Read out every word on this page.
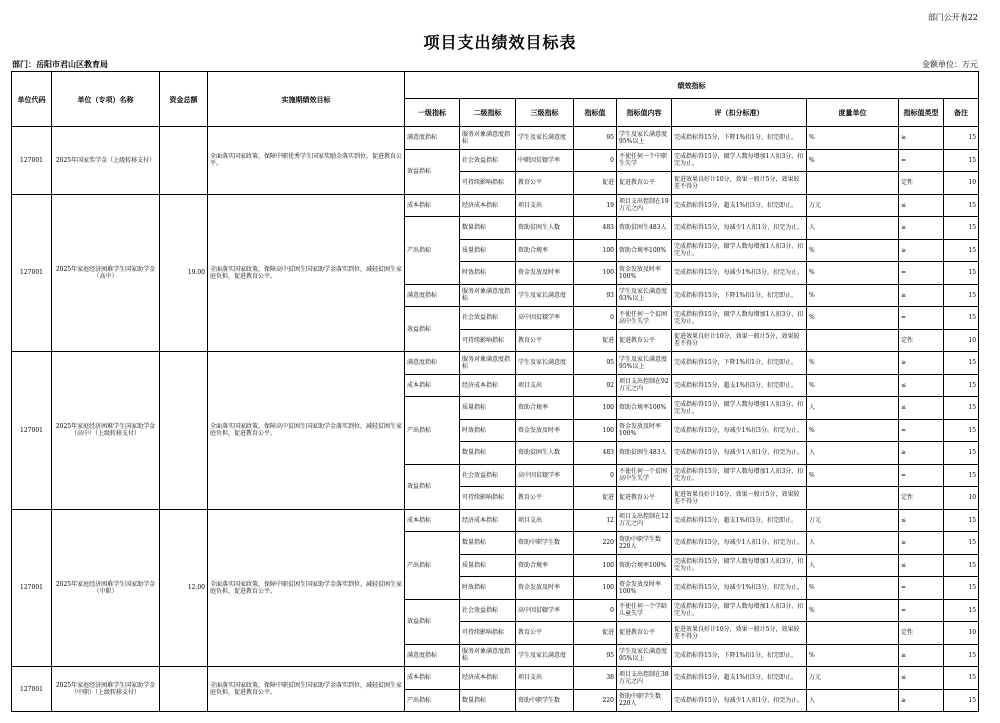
部门公开表22
项目支出绩效目标表
部门：岳阳市君山区教育局	金额单位：万元
单位代码	单位（专项）名称	资金总额	实施期绩效目标	绩效指标								
				一级指标	二级指标	三级指标	指标值	指标值内容	评（扣分标准）	度量单位	指标值类型	备注
127001	2025年国家奖学金（上级转移支付）		全面落实国家政策，保障中职优秀学生国家奖励金落实到位，促进教育公平。	满意度指标	服务对象满意度指标	学生及家长满意度	95	学生及家长满意度95%以上	完成指标得15分，下降1%扣1分，扣完即止。	%	≥	15
				效益指标	社会效益指标	中职因贫辍学率	0	不使任何一个中职生失学	完成指标得15分，辍学人数每增加1人扣3分，扣完为止。	%	=	15
					可持续影响指标	教育公平	促进	促进教育公平	促进效果良好计10分，效果一般计5分，效果较差不得分		定性	10
127001	2025年家庭经济困难学生国家助学金（高中）	19.00	全面落实国家政策，保障高中贫困生国家助学金落实到位，减轻贫困生家庭负担，促进教育公平。	成本指标	经济成本指标	项目支出	19	项目支出控制在19万元之内	完成指标得15分，超支1%扣3分，扣完即止。	万元	≤	15
				产出指标	数量指标	资助贫困生人数	483	资助贫困生483人	完成指标得15分，每减少1人扣1分，扣完为止。	人	≥	15
					质量指标	资助合规率	100	资助合规率100%	完成指标得15分，辍学人数每增加1人扣3分，扣完为止。	%	≥	15
					时效指标	资金发放及时率	100	资金发放及时率100%	完成指标得15分，每减少1%扣3分，扣完为止。	%	=	15
				满意度指标	服务对象满意度指标	学生及家长满意度	93	学生及家长满意度93%以上	完成指标得15分，下降1%扣1分，扣完即止。	%	≥	15
				效益指标	社会效益指标	高中因贫辍学率	0	不使任何一个贫困高中生失学	完成指标得15分，辍学人数每增加1人扣3分，扣完为止。	%	=	15
					可持续影响指标	教育公平	促进	促进教育公平	促进效果良好计10分，效果一般计5分，效果较差不得分		定性	10
127001	2025年家庭经济困难学生国家助学金（高中）（上级转移支付）		全面落实国家政策，保障高中贫困生国家助学金落实到位，减轻贫困生家庭负担，促进教育公平。	满意度指标	服务对象满意度指标	学生及家长满意度	95	学生及家长满意度95%以上	完成指标得15分，下降1%扣1分，扣完即止。	%	≥	15
				成本指标	经济成本指标	项目支出	92	项目支出控制在92万元之内	完成指标得15分，超支1%扣3分，扣完即止。	%	≤	15
				产出指标	质量指标	资助合规率	100	资助合规率100%	完成指标得15分，辍学人数每增加1人扣3分，扣完为止。	人	≤	15
					时效指标	资金发放及时率	100	资金发放及时率100%	完成指标得15分，每减少1%扣3分，扣完为止。	%	=	15
					数量指标	资助贫困生人数	483	资助贫困生483人	完成指标得15分，每减少1人扣1分，扣完为止。	人	≥	15
				效益指标	社会效益指标	高中因贫辍学率	0	不使任何一个贫困高中生失学	完成指标得15分，辍学人数每增加1人扣3分，扣完为止。	%	=	15
					可持续影响指标	教育公平	促进	促进教育公平	促进效果良好计10分，效果一般计5分，效果较差不得分		定性	10
127001	2025年家庭经济困难学生国家助学金（中职）	12.00	全面落实国家政策，保障中职贫困生国家助学金落实到位，减轻贫困生家庭负担，促进教育公平。	成本指标	经济成本指标	项目支出	12	项目支出控制在12万元之内	完成指标得15分，超支1%扣3分，扣完即止。	万元	≤	15
				产出指标	数量指标	资助中职学生数	220	资助中职学生数220人	完成指标得15分，每减少1人扣1分，扣完为止。	人	≥	15
					质量指标	资助合规率	100	资助合规率100%	完成指标得15分，辍学人数每增加1人扣3分，扣完为止。	人	≤	15
					时效指标	资金发放及时率	100	资金发放及时率100%	完成指标得15分，每减少1%扣3分，扣完为止。	%	=	15
				效益指标	社会效益指标	高中因贫辍学率	0	不使任何一个学龄儿童失学	完成指标得15分，辍学人数每增加1人扣3分，扣完为止。	%	=	15
					可持续影响指标	教育公平	促进	促进教育公平	促进效果良好计10分，效果一般计5分，效果较差不得分		定性	10
				满意度指标	服务对象满意度指标	学生及家长满意度	95	学生及家长满意度95%以上	完成指标得15分，下降1%扣1分，扣完即止。	%	≥	15
127001	2025年家庭经济困难学生国家助学金（中职）（上级转移支付）		全面落实国家政策，保障中职贫困生国家助学金落实到位，减轻贫困生家庭负担，促进教育公平。	成本指标	经济成本指标	项目支出	38	项目支出控制在38万元之内	完成指标得15分，超支1%扣3分，扣完即止。	万元	≤	15
				产出指标	数量指标	资助中职学生数	220	资助中职学生数220人	完成指标得15分，每减少1人扣1分，扣完为止。	人	≥	15
